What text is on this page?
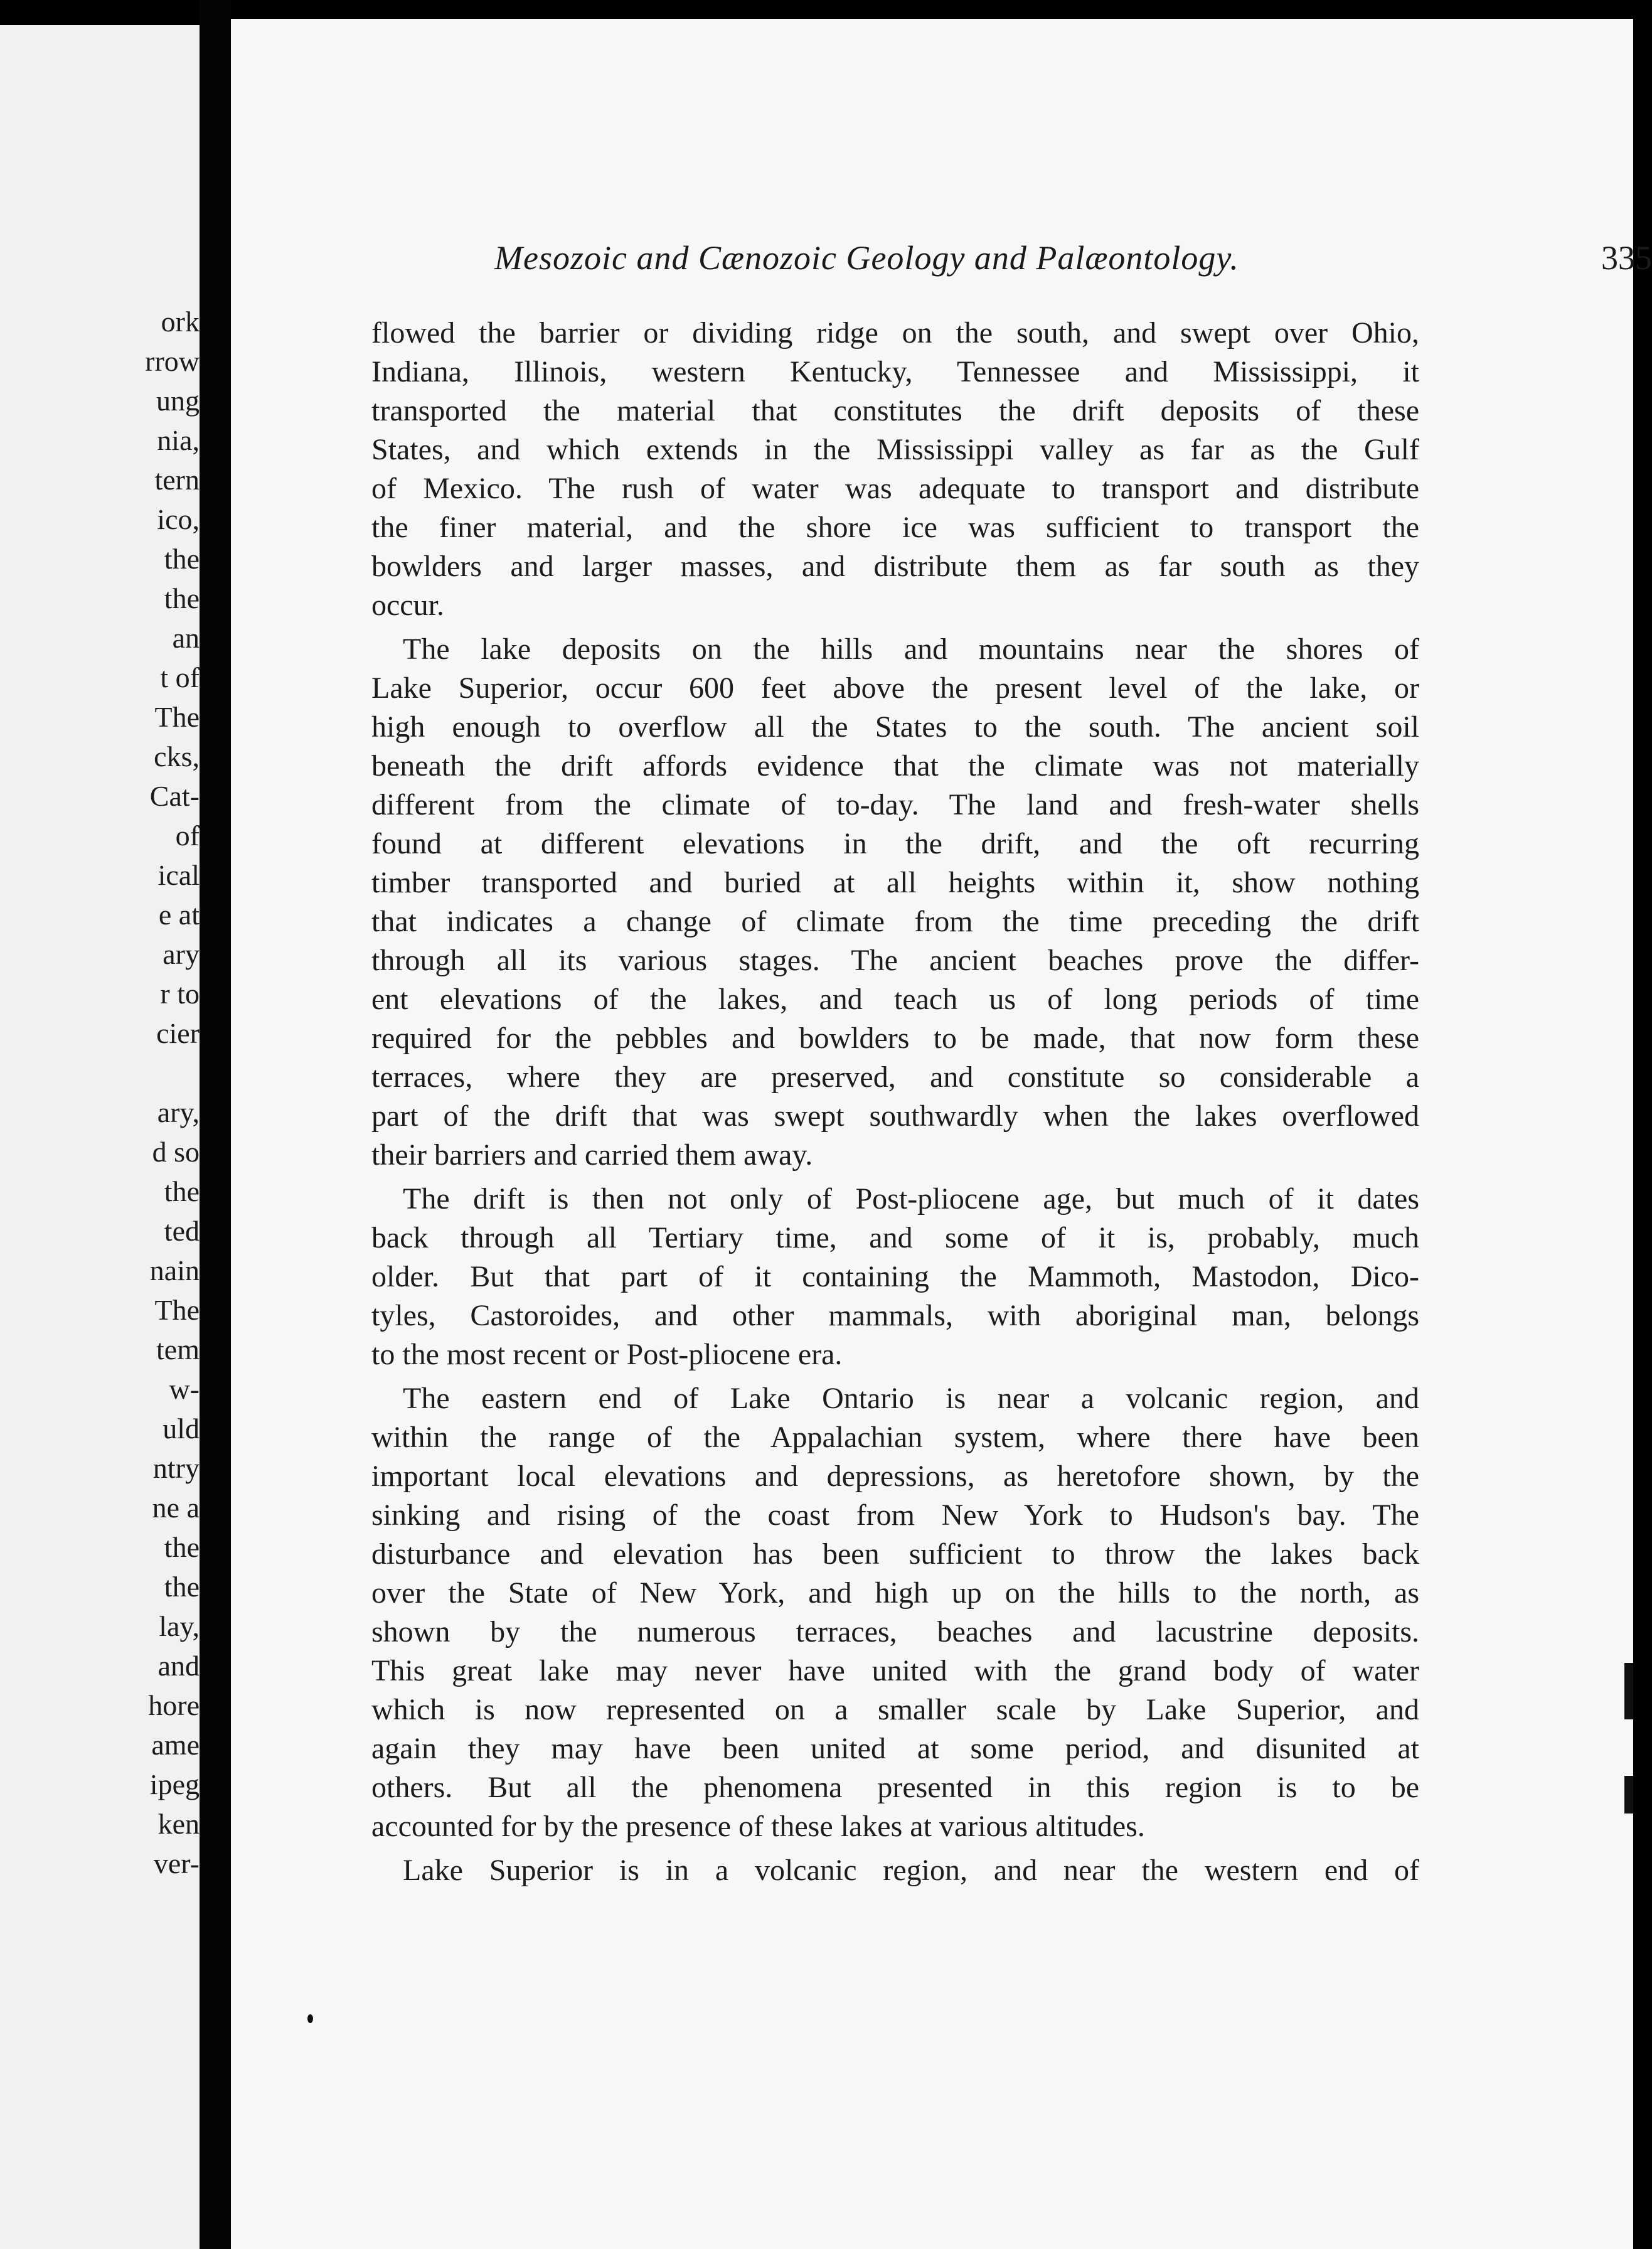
ork
rrow
ung
nia,
tern
ico,
the
the
an
t of
The
cks,
Cat-
of
ical
e at
ary
r to
cier
ary,
d so
the
ted
nain
The
tem
w-
uld
ntry
ne a
the
the
lay,
and
hore
ame
ipeg
ken
ver-
Mesozoic and Cænozoic Geology and Palæontology.	335
flowed the barrier or dividing ridge on the south, and swept over Ohio,
Indiana, Illinois, western Kentucky, Tennessee and Mississippi, it
transported the material that constitutes the drift deposits of these
States, and which extends in the Mississippi valley as far as the Gulf
of Mexico. The rush of water was adequate to transport and distribute
the finer material, and the shore ice was sufficient to transport the
bowlders and larger masses, and distribute them as far south as they
occur.
The lake deposits on the hills and mountains near the shores of
Lake Superior, occur 600 feet above the present level of the lake, or
high enough to overflow all the States to the south. The ancient soil
beneath the drift affords evidence that the climate was not materially
different from the climate of to-day. The land and fresh-water shells
found at different elevations in the drift, and the oft recurring
timber transported and buried at all heights within it, show nothing
that indicates a change of climate from the time preceding the drift
through all its various stages. The ancient beaches prove the differ-
ent elevations of the lakes, and teach us of long periods of time
required for the pebbles and bowlders to be made, that now form these
terraces, where they are preserved, and constitute so considerable a
part of the drift that was swept southwardly when the lakes overflowed
their barriers and carried them away.
The drift is then not only of Post-pliocene age, but much of it dates
back through all Tertiary time, and some of it is, probably, much
older. But that part of it containing the Mammoth, Mastodon, Dico-
tyles, Castoroides, and other mammals, with aboriginal man, belongs
to the most recent or Post-pliocene era.
The eastern end of Lake Ontario is near a volcanic region, and
within the range of the Appalachian system, where there have been
important local elevations and depressions, as heretofore shown, by the
sinking and rising of the coast from New York to Hudson's bay. The
disturbance and elevation has been sufficient to throw the lakes back
over the State of New York, and high up on the hills to the north, as
shown by the numerous terraces, beaches and lacustrine deposits.
This great lake may never have united with the grand body of water
which is now represented on a smaller scale by Lake Superior, and
again they may have been united at some period, and disunited at
others. But all the phenomena presented in this region is to be
accounted for by the presence of these lakes at various altitudes.
Lake Superior is in a volcanic region, and near the western end of
